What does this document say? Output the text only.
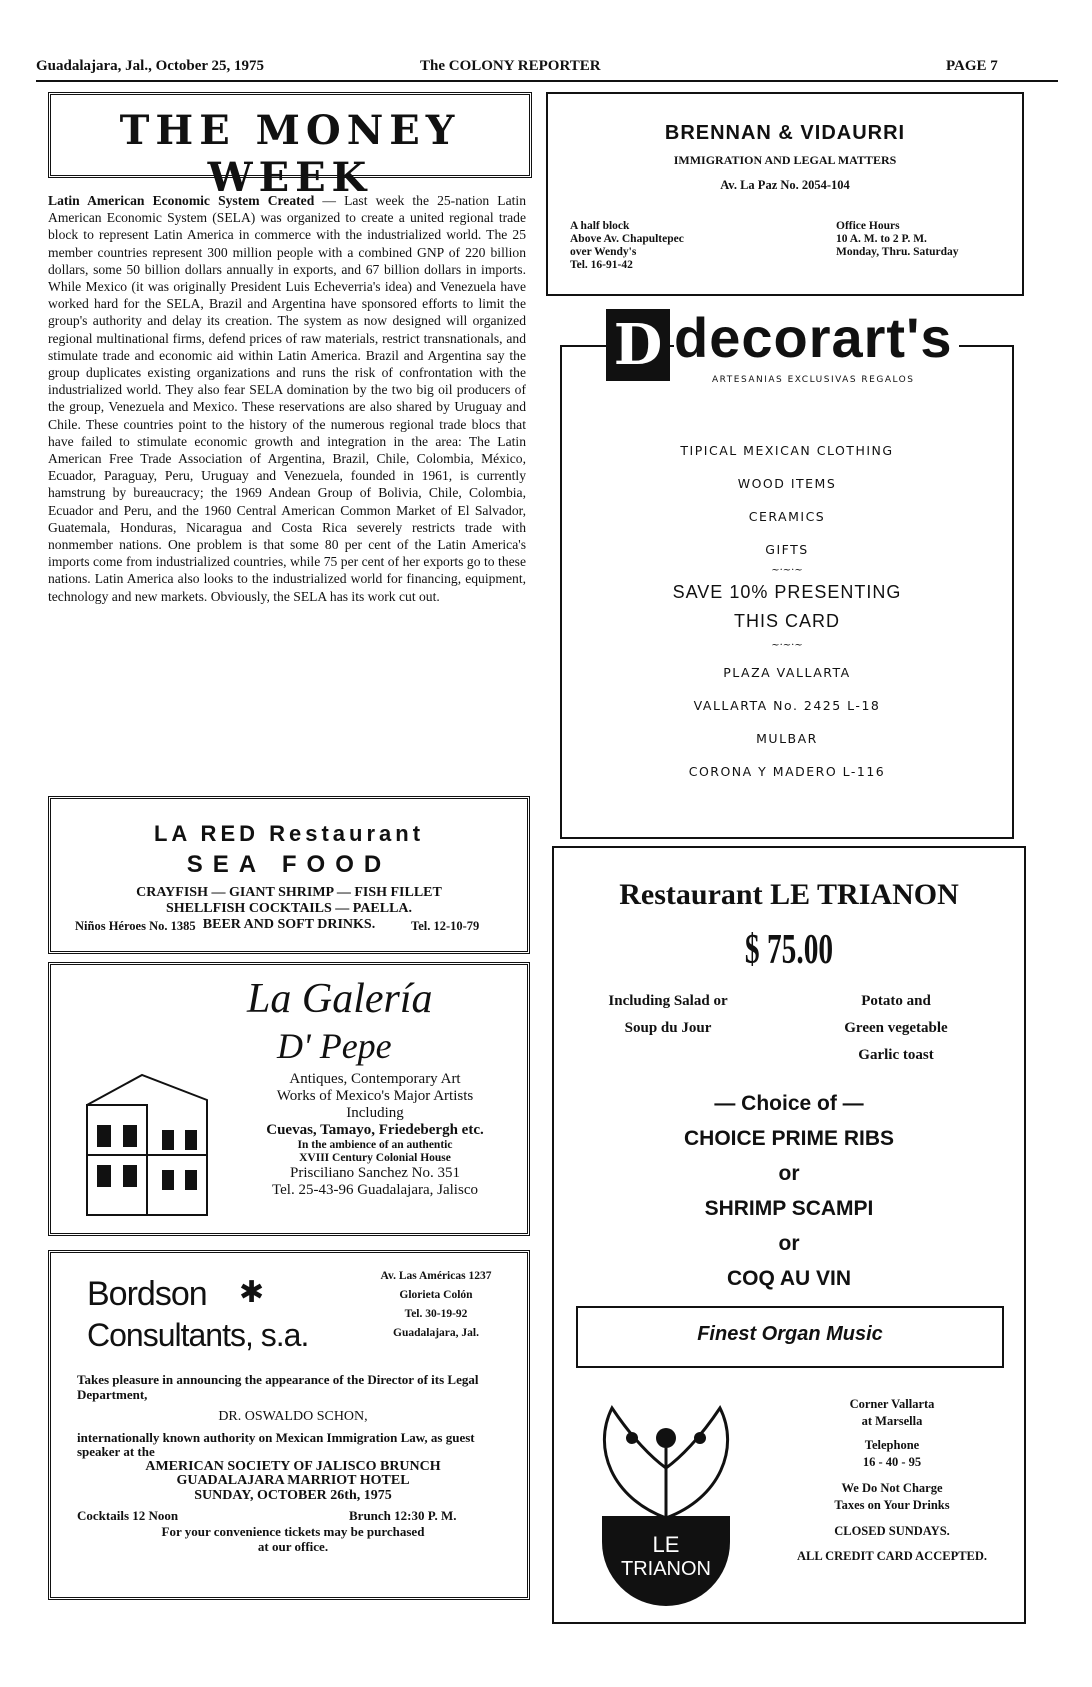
Guadalajara, Jal., October 25, 1975	The COLONY REPORTER	PAGE 7
THE MONEY WEEK
Latin American Economic System Created — Last week the 25-nation Latin American Economic System (SELA) was organized to create a united regional trade block to represent Latin America in commerce with the industrialized world. The 25 member countries represent 300 million people with a combined GNP of 220 billion dollars, some 50 billion dollars annually in exports, and 67 billion dollars in imports. While Mexico (it was originally President Luis Echeverria's idea) and Venezuela have worked hard for the SELA, Brazil and Argentina have sponsored efforts to limit the group's authority and delay its creation. The system as now designed will organized regional multinational firms, defend prices of raw materials, restrict transnationals, and stimulate trade and economic aid within Latin America. Brazil and Argentina say the group duplicates existing organizations and runs the risk of confrontation with the industrialized world. They also fear SELA domination by the two big oil producers of the group, Venezuela and Mexico. These reservations are also shared by Uruguay and Chile. These countries point to the history of the numerous regional trade blocs that have failed to stimulate economic growth and integration in the area: The Latin American Free Trade Association of Argentina, Brazil, Chile, Colombia, México, Ecuador, Paraguay, Peru, Uruguay and Venezuela, founded in 1961, is currently hamstrung by bureaucracy; the 1969 Andean Group of Bolivia, Chile, Colombia, Ecuador and Peru, and the 1960 Central American Common Market of El Salvador, Guatemala, Honduras, Nicaragua and Costa Rica severely restricts trade with nonmember nations. One problem is that some 80 per cent of the Latin America's imports come from industrialized countries, while 75 per cent of her exports go to these nations. Latin America also looks to the industrialized world for financing, equipment, technology and new markets. Obviously, the SELA has its work cut out.
BRENNAN & VIDAURRI
IMMIGRATION AND LEGAL MATTERS
Av. La Paz No. 2054-104
A half block
Above Av. Chapultepec
over Wendy's
Tel. 16-91-42
Office Hours
10 A. M. to 2 P. M.
Monday, Thru. Saturday
D decorart's
ARTESANIAS EXCLUSIVAS REGALOS
TIPICAL MEXICAN CLOTHING
WOOD ITEMS
CERAMICS
GIFTS
~·~·~
SAVE 10% PRESENTING
THIS CARD
~·~·~
PLAZA VALLARTA
VALLARTA No. 2425 L-18
MULBAR
CORONA Y MADERO L-116
LA RED Restaurant
SEA FOOD
CRAYFISH — GIANT SHRIMP — FISH FILLET
SHELLFISH COCKTAILS — PAELLA.
BEER AND SOFT DRINKS.
Niños Héroes No. 1385	Tel. 12-10-79
La Galería
D' Pepe
Antiques, Contemporary Art
Works of Mexico's Major Artists
Including
Cuevas, Tamayo, Friedebergh etc.
In the ambience of an authentic
XVIII Century Colonial House
Prisciliano Sanchez No. 351
Tel. 25-43-96 Guadalajara, Jalisco
Bordson ✱
Consultants, s.a.
Av. Las Américas 1237
Glorieta Colón
Tel. 30-19-92
Guadalajara, Jal.
Takes pleasure in announcing the appearance of the Director of its Legal Department,
DR. OSWALDO SCHON,
internationally known authority on Mexican Immigration Law, as guest speaker at the
AMERICAN SOCIETY OF JALISCO BRUNCH
GUADALAJARA MARRIOT HOTEL
SUNDAY, OCTOBER 26th, 1975
Cocktails 12 Noon	Brunch 12:30 P. M.
For your convenience tickets may be purchased
at our office.
Restaurant LE TRIANON
$ 75.00
Including Salad or
Soup du Jour
Potato and
Green vegetable
Garlic toast
— Choice of —
CHOICE PRIME RIBS
or
SHRIMP SCAMPI
or
COQ AU VIN
Finest Organ Music
LE
TRIANON
Corner Vallarta
at Marsella
Telephone
16 - 40 - 95
We Do Not Charge
Taxes on Your Drinks
CLOSED SUNDAYS.
ALL CREDIT CARD ACCEPTED.
